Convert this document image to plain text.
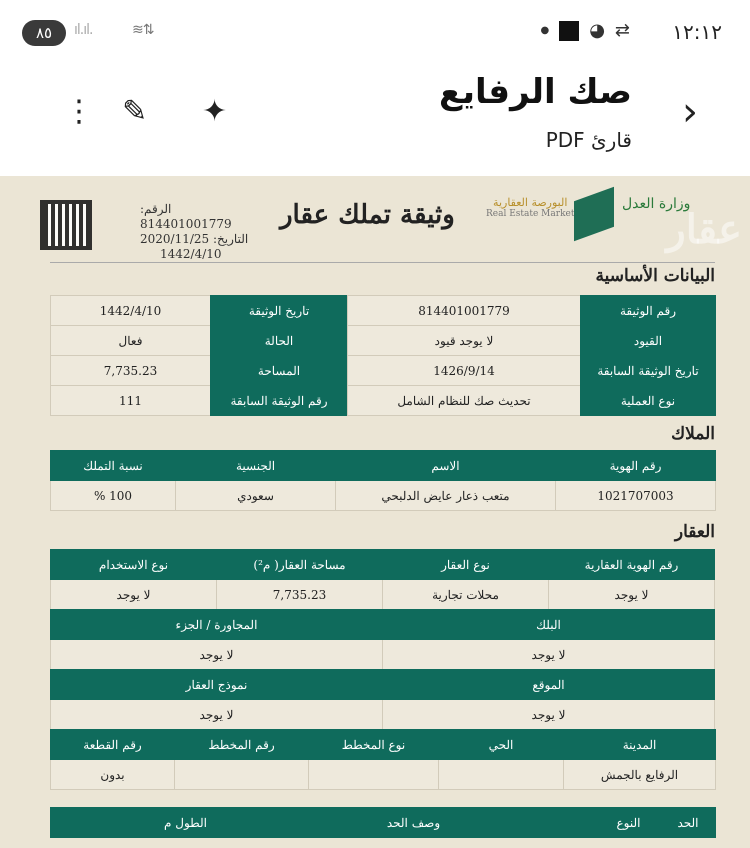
٨٥	ıl.ıl.	≋⇅	● ◕ ⇄ ١٢:١٢
⋮ ✎ ✦	صك الرفايع
قارئ PDF
›
الرقم: 814401001779
التاريخ: 2020/11/25
1442/4/10
وثيقة تملك عقار	البورصة العقارية
Real Estate Market
وزارة العدل
عقار
البيانات الأساسية
رقم الوثيقة	814401001779	تاريخ الوثيقة	1442/4/10
القيود	لا يوجد قيود	الحالة	فعال
تاريخ الوثيقة السابقة	1426/9/14	المساحة	7,735.23
نوع العملية	تحديث صك للنظام الشامل	رقم الوثيقة السابقة	111
الملاك
رقم الهوية	الاسم	الجنسية	نسبة التملك
1021707003	متعب ذعار عايض الدلبحي	سعودي	100 %
العقار
رقم الهوية العقارية	نوع العقار	مساحة العقار( م²)	نوع الاستخدام
لا يوجد	محلات تجارية	7,735.23	لا يوجد
البلك	المجاورة / الجزء
لا يوجد	لا يوجد
الموقع	نموذج العقار
لا يوجد	لا يوجد
المدينة	الحي	نوع المخطط	رقم المخطط	رقم القطعة
الرفايع بالجمش				بدون
الحد	النوع	وصف الحد	الطول م	
